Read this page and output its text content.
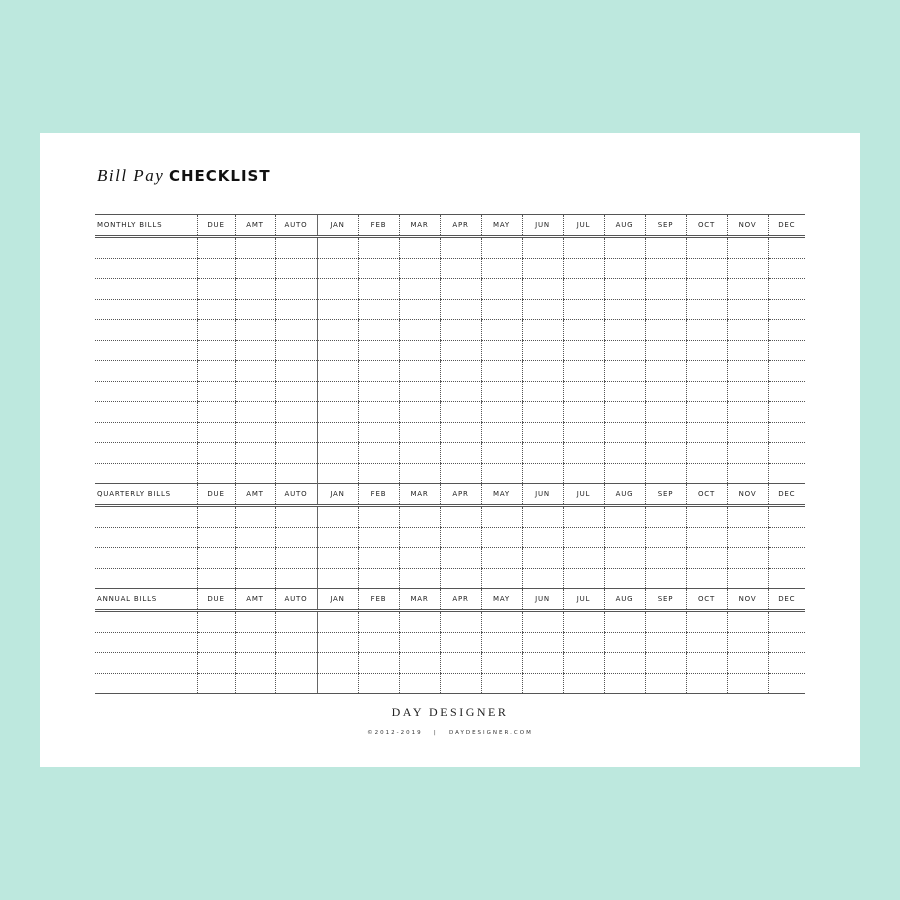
Bill Pay CHECKLIST
MONTHLY BILLS	DUE	AMT	AUTO	JAN	FEB	MAR	APR	MAY	JUN	JUL	AUG	SEP	OCT	NOV	DEC

QUARTERLY BILLS	DUE	AMT	AUTO	JAN	FEB	MAR	APR	MAY	JUN	JUL	AUG	SEP	OCT	NOV	DEC

ANNUAL BILLS	DUE	AMT	AUTO	JAN	FEB	MAR	APR	MAY	JUN	JUL	AUG	SEP	OCT	NOV	DEC

DAY DESIGNER

©2012-2019 | DAYDESIGNER.COM
